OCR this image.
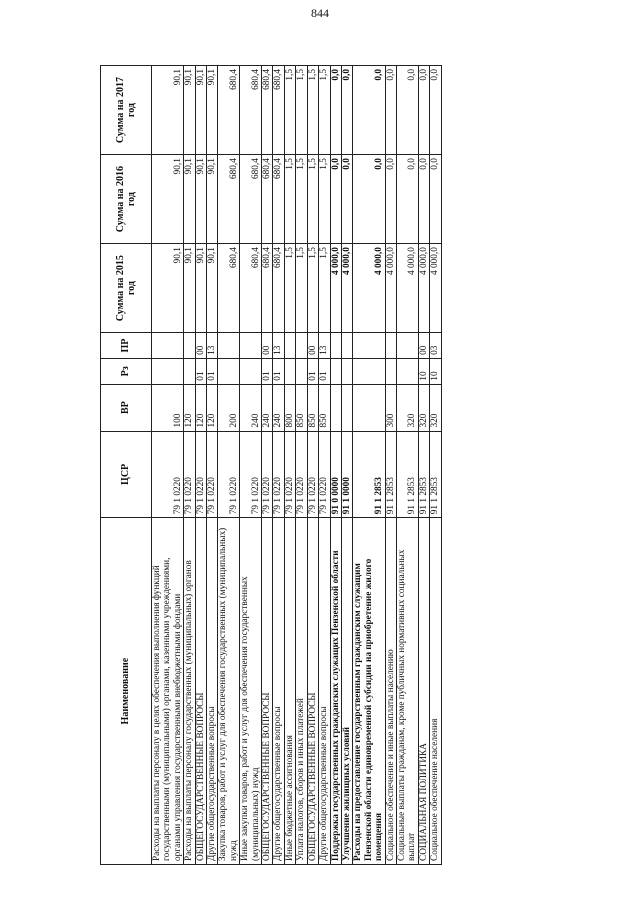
844
Наименование	ЦСР	ВР	Рз	ПР	Сумма на 2015 год	Сумма на 2016 год	Сумма на 2017 год
Расходы на выплаты персоналу в целях обеспечения выполнения функций государственными (муниципальными) органами, казенными учреждениями, органами управления государственными внебюджетными фондами	79 1 0220	100			90,1	90,1	90,1
Расходы на выплаты персоналу государственных (муниципальных) органов	79 1 0220	120			90,1	90,1	90,1
ОБЩЕГОСУДАРСТВЕННЫЕ ВОПРОСЫ	79 1 0220	120	01	00	90,1	90,1	90,1
Другие общегосударственные вопросы	79 1 0220	120	01	13	90,1	90,1	90,1
Закупка товаров, работ и услуг для обеспечения государственных (муниципальных) нужд	79 1 0220	200			680,4	680,4	680,4
Иные закупки товаров, работ и услуг для обеспечения государственных (муниципальных) нужд	79 1 0220	240			680,4	680,4	680,4
ОБЩЕГОСУДАРСТВЕННЫЕ ВОПРОСЫ	79 1 0220	240	01	00	680,4	680,4	680,4
Другие общегосударственные вопросы	79 1 0220	240	01	13	680,4	680,4	680,4
Иные бюджетные ассигнования	79 1 0220	800			1,5	1,5	1,5
Уплата налогов, сборов и иных платежей	79 1 0220	850			1,5	1,5	1,5
ОБЩЕГОСУДАРСТВЕННЫЕ ВОПРОСЫ	79 1 0220	850	01	00	1,5	1,5	1,5
Другие общегосударственные вопросы	79 1 0220	850	01	13	1,5	1,5	1,5
Поддержка государственных гражданских служащих Пензенской области	91 0 0000				4 000,0	0,0	0,0
Улучшение жилищных условий	91 1 0000				4 000,0	0,0	0,0
Расходы на предоставление государственным гражданским служащим Пензенской области единовременной субсидии на приобретение жилого помещения	91 1 2853				4 000,0	0,0	0,0
Социальное обеспечение и иные выплаты населению	91 1 2853	300			4 000,0	0,0	0,0
Социальные выплаты гражданам, кроме публичных нормативных социальных выплат	91 1 2853	320			4 000,0	0,0	0,0
СОЦИАЛЬНАЯ ПОЛИТИКА	91 1 2853	320	10	00	4 000,0	0,0	0,0
Социальное обеспечение населения	91 1 2853	320	10	03	4 000,0	0,0	0,0
